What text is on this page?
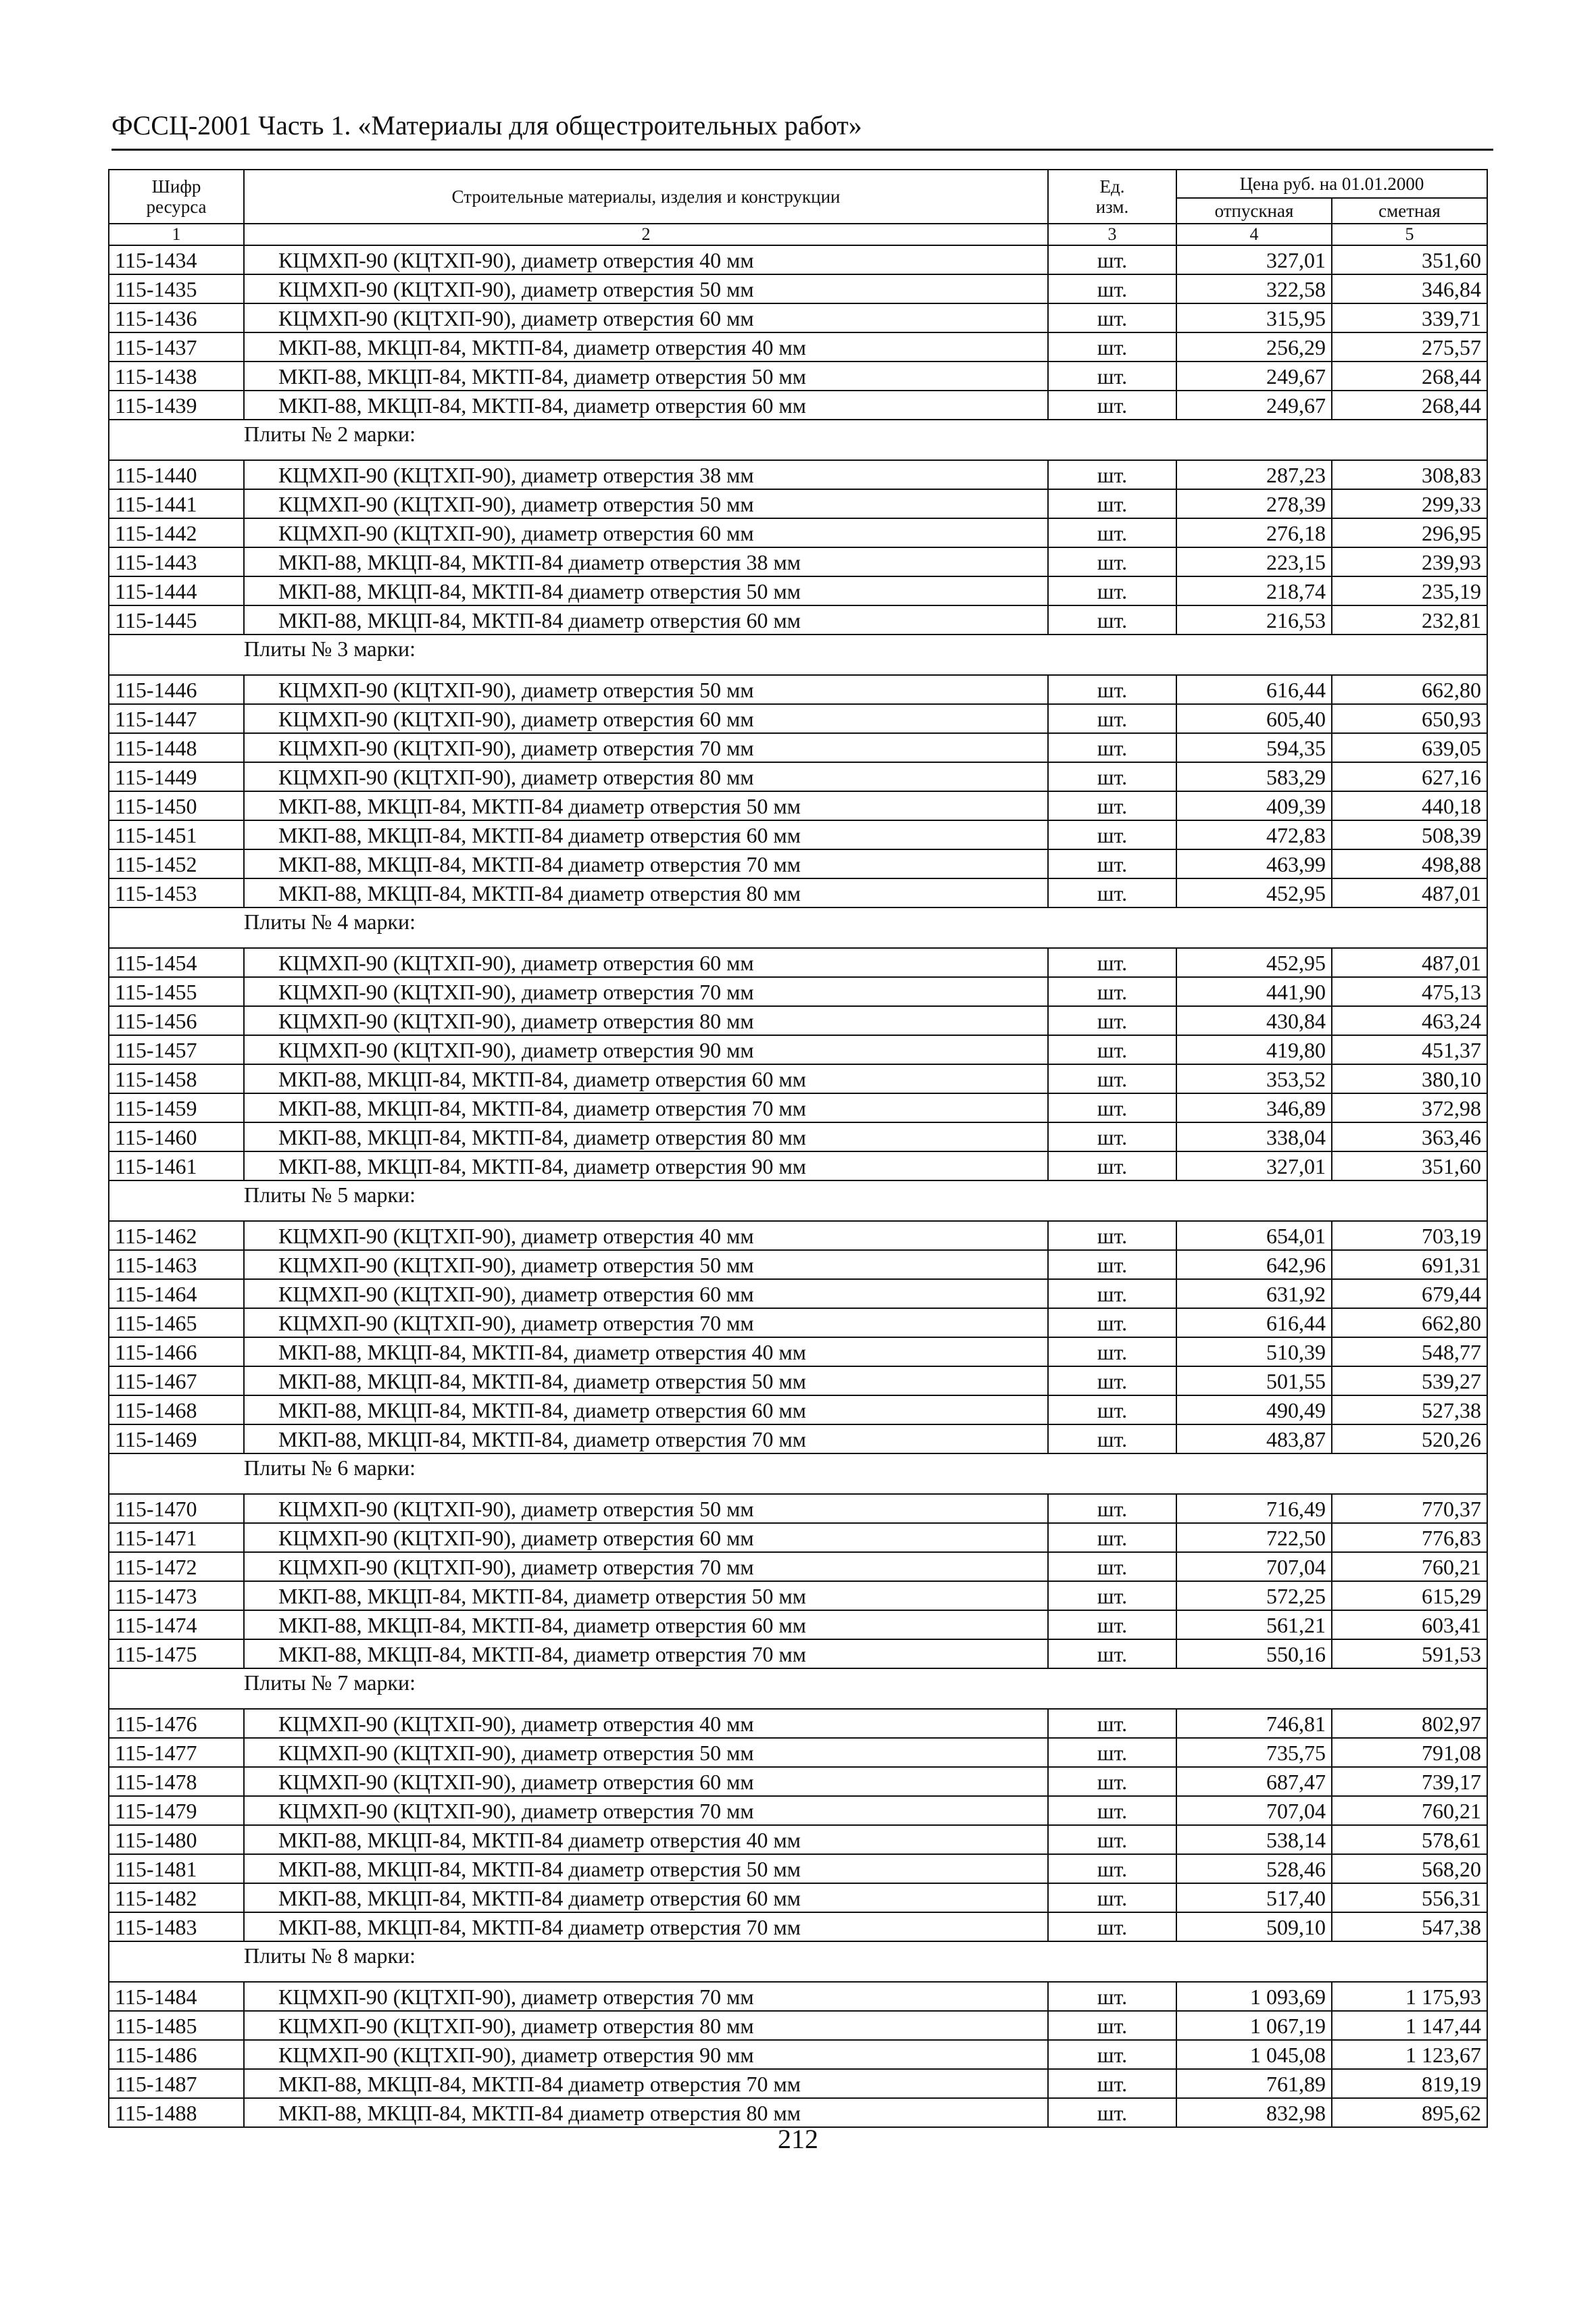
ФССЦ-2001 Часть 1. «Материалы для общестроительных работ»
Шифр ресурса	Строительные материалы, изделия и конструкции	Ед. изм.	Цена руб. на 01.01.2000	
			отпускная	сметная
1	2	3	4	5
115-1434	КЦМХП-90 (КЦТХП-90), диаметр отверстия 40 мм	шт.	327,01	351,60
115-1435	КЦМХП-90 (КЦТХП-90), диаметр отверстия 50 мм	шт.	322,58	346,84
115-1436	КЦМХП-90 (КЦТХП-90), диаметр отверстия 60 мм	шт.	315,95	339,71
115-1437	МКП-88, МКЦП-84, МКТП-84, диаметр отверстия 40 мм	шт.	256,29	275,57
115-1438	МКП-88, МКЦП-84, МКТП-84, диаметр отверстия 50 мм	шт.	249,67	268,44
115-1439	МКП-88, МКЦП-84, МКТП-84, диаметр отверстия 60 мм	шт.	249,67	268,44
	Плиты № 2 марки:			
115-1440	КЦМХП-90 (КЦТХП-90), диаметр отверстия 38 мм	шт.	287,23	308,83
115-1441	КЦМХП-90 (КЦТХП-90), диаметр отверстия 50 мм	шт.	278,39	299,33
115-1442	КЦМХП-90 (КЦТХП-90), диаметр отверстия 60 мм	шт.	276,18	296,95
115-1443	МКП-88, МКЦП-84, МКТП-84 диаметр отверстия 38 мм	шт.	223,15	239,93
115-1444	МКП-88, МКЦП-84, МКТП-84 диаметр отверстия 50 мм	шт.	218,74	235,19
115-1445	МКП-88, МКЦП-84, МКТП-84 диаметр отверстия 60 мм	шт.	216,53	232,81
	Плиты № 3 марки:			
115-1446	КЦМХП-90 (КЦТХП-90), диаметр отверстия 50 мм	шт.	616,44	662,80
115-1447	КЦМХП-90 (КЦТХП-90), диаметр отверстия 60 мм	шт.	605,40	650,93
115-1448	КЦМХП-90 (КЦТХП-90), диаметр отверстия 70 мм	шт.	594,35	639,05
115-1449	КЦМХП-90 (КЦТХП-90), диаметр отверстия 80 мм	шт.	583,29	627,16
115-1450	МКП-88, МКЦП-84, МКТП-84 диаметр отверстия 50 мм	шт.	409,39	440,18
115-1451	МКП-88, МКЦП-84, МКТП-84 диаметр отверстия 60 мм	шт.	472,83	508,39
115-1452	МКП-88, МКЦП-84, МКТП-84 диаметр отверстия 70 мм	шт.	463,99	498,88
115-1453	МКП-88, МКЦП-84, МКТП-84 диаметр отверстия 80 мм	шт.	452,95	487,01
	Плиты № 4 марки:			
115-1454	КЦМХП-90 (КЦТХП-90), диаметр отверстия 60 мм	шт.	452,95	487,01
115-1455	КЦМХП-90 (КЦТХП-90), диаметр отверстия 70 мм	шт.	441,90	475,13
115-1456	КЦМХП-90 (КЦТХП-90), диаметр отверстия 80 мм	шт.	430,84	463,24
115-1457	КЦМХП-90 (КЦТХП-90), диаметр отверстия 90 мм	шт.	419,80	451,37
115-1458	МКП-88, МКЦП-84, МКТП-84, диаметр отверстия 60 мм	шт.	353,52	380,10
115-1459	МКП-88, МКЦП-84, МКТП-84, диаметр отверстия 70 мм	шт.	346,89	372,98
115-1460	МКП-88, МКЦП-84, МКТП-84, диаметр отверстия 80 мм	шт.	338,04	363,46
115-1461	МКП-88, МКЦП-84, МКТП-84, диаметр отверстия 90 мм	шт.	327,01	351,60
	Плиты № 5 марки:			
115-1462	КЦМХП-90 (КЦТХП-90), диаметр отверстия 40 мм	шт.	654,01	703,19
115-1463	КЦМХП-90 (КЦТХП-90), диаметр отверстия 50 мм	шт.	642,96	691,31
115-1464	КЦМХП-90 (КЦТХП-90), диаметр отверстия 60 мм	шт.	631,92	679,44
115-1465	КЦМХП-90 (КЦТХП-90), диаметр отверстия 70 мм	шт.	616,44	662,80
115-1466	МКП-88, МКЦП-84, МКТП-84, диаметр отверстия 40 мм	шт.	510,39	548,77
115-1467	МКП-88, МКЦП-84, МКТП-84, диаметр отверстия 50 мм	шт.	501,55	539,27
115-1468	МКП-88, МКЦП-84, МКТП-84, диаметр отверстия 60 мм	шт.	490,49	527,38
115-1469	МКП-88, МКЦП-84, МКТП-84, диаметр отверстия 70 мм	шт.	483,87	520,26
	Плиты № 6 марки:			
115-1470	КЦМХП-90 (КЦТХП-90), диаметр отверстия 50 мм	шт.	716,49	770,37
115-1471	КЦМХП-90 (КЦТХП-90), диаметр отверстия 60 мм	шт.	722,50	776,83
115-1472	КЦМХП-90 (КЦТХП-90), диаметр отверстия 70 мм	шт.	707,04	760,21
115-1473	МКП-88, МКЦП-84, МКТП-84, диаметр отверстия 50 мм	шт.	572,25	615,29
115-1474	МКП-88, МКЦП-84, МКТП-84, диаметр отверстия 60 мм	шт.	561,21	603,41
115-1475	МКП-88, МКЦП-84, МКТП-84, диаметр отверстия 70 мм	шт.	550,16	591,53
	Плиты № 7 марки:			
115-1476	КЦМХП-90 (КЦТХП-90), диаметр отверстия 40 мм	шт.	746,81	802,97
115-1477	КЦМХП-90 (КЦТХП-90), диаметр отверстия 50 мм	шт.	735,75	791,08
115-1478	КЦМХП-90 (КЦТХП-90), диаметр отверстия 60 мм	шт.	687,47	739,17
115-1479	КЦМХП-90 (КЦТХП-90), диаметр отверстия 70 мм	шт.	707,04	760,21
115-1480	МКП-88, МКЦП-84, МКТП-84 диаметр отверстия 40 мм	шт.	538,14	578,61
115-1481	МКП-88, МКЦП-84, МКТП-84 диаметр отверстия 50 мм	шт.	528,46	568,20
115-1482	МКП-88, МКЦП-84, МКТП-84 диаметр отверстия 60 мм	шт.	517,40	556,31
115-1483	МКП-88, МКЦП-84, МКТП-84 диаметр отверстия 70 мм	шт.	509,10	547,38
	Плиты № 8 марки:			
115-1484	КЦМХП-90 (КЦТХП-90), диаметр отверстия 70 мм	шт.	1 093,69	1 175,93
115-1485	КЦМХП-90 (КЦТХП-90), диаметр отверстия 80 мм	шт.	1 067,19	1 147,44
115-1486	КЦМХП-90 (КЦТХП-90), диаметр отверстия 90 мм	шт.	1 045,08	1 123,67
115-1487	МКП-88, МКЦП-84, МКТП-84 диаметр отверстия 70 мм	шт.	761,89	819,19
115-1488	МКП-88, МКЦП-84, МКТП-84 диаметр отверстия 80 мм	шт.	832,98	895,62
212
